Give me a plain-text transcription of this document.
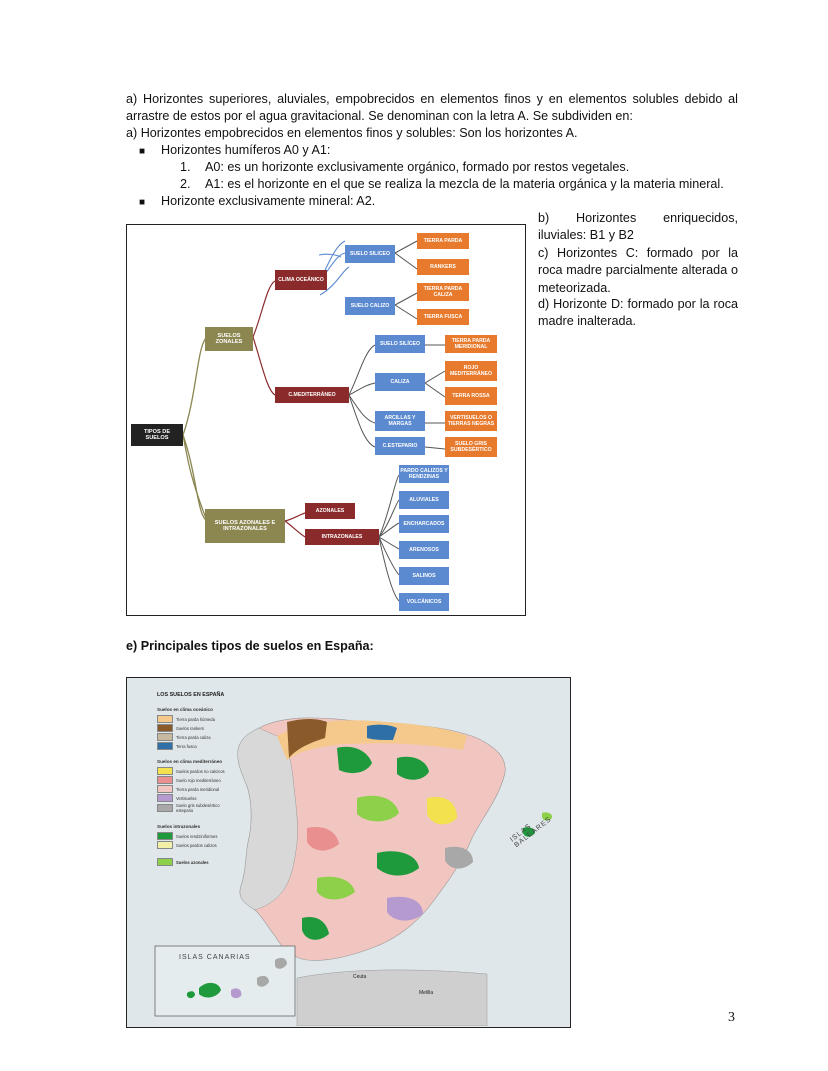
a) Horizontes superiores, aluviales, empobrecidos en elementos finos y en elementos solubles debido al arrastre de estos por el agua gravitacional. Se denominan con la letra A. Se subdividen en:
a) Horizontes empobrecidos en elementos finos y solubles: Son los horizontes A.
■ Horizontes humíferos A0 y A1:
1. A0: es un horizonte exclusivamente orgánico, formado por restos vegetales.
2. A1: es el horizonte en el que se realiza la mezcla de la materia orgánica y la materia mineral.
■ Horizonte exclusivamente mineral: A2.
b) Horizontes enriquecidos, iluviales: B1 y B2
c) Horizontes C: formado por la roca madre parcialmente alterada o meteorizada.
d) Horizonte D: formado por la roca madre inalterada.
TIPOS DE SUELOS
SUELOS ZONALES
SUELOS AZONALES E INTRAZONALES
CLIMA OCEÁNICO
C.MEDITERRÁNEO
AZONALES
INTRAZONALES
SUELO SILICEO
SUELO CALIZO
TIERRA PARDA
RANKERS
TIERRA PARDA CALIZA
TIERRA FUSCA
SUELO SILÍCEO
CALIZA
ARCILLAS Y MARGAS
C.ESTEPARIO
TIERRA PARDA MERIDIONAL
ROJO MEDITERRÁNEO
TERRA ROSSA
VERTISUELOS O TIERRAS NEGRAS
SUELO GRIS SUBDESÉRTICO
PARDO CALIZOS Y RENDZINAS
ALUVIALES
ENCHARCADOS
ARENOSOS
SALINOS
VOLCÁNICOS
e) Principales tipos de suelos en España:
LOS SUELOS EN ESPAÑA
Suelos en clima oceánico
Tierra parda húmeda
Suelos rankers
Tierra parda caliza
Terra fusca
Suelos en clima mediterráneo
Suelos pardos no calcicos
Suelo rojo mediterráneo
Tierra parda meridional
Vertisuelos
Suelo gris subdesértico estepario
Suelos intrazonales
Suelos rendziniformes
Suelos pardos calizos
Suelos azonales
ISLAS CANARIAS
ISLAS BALEARES
Ceuta
Melilla
3
